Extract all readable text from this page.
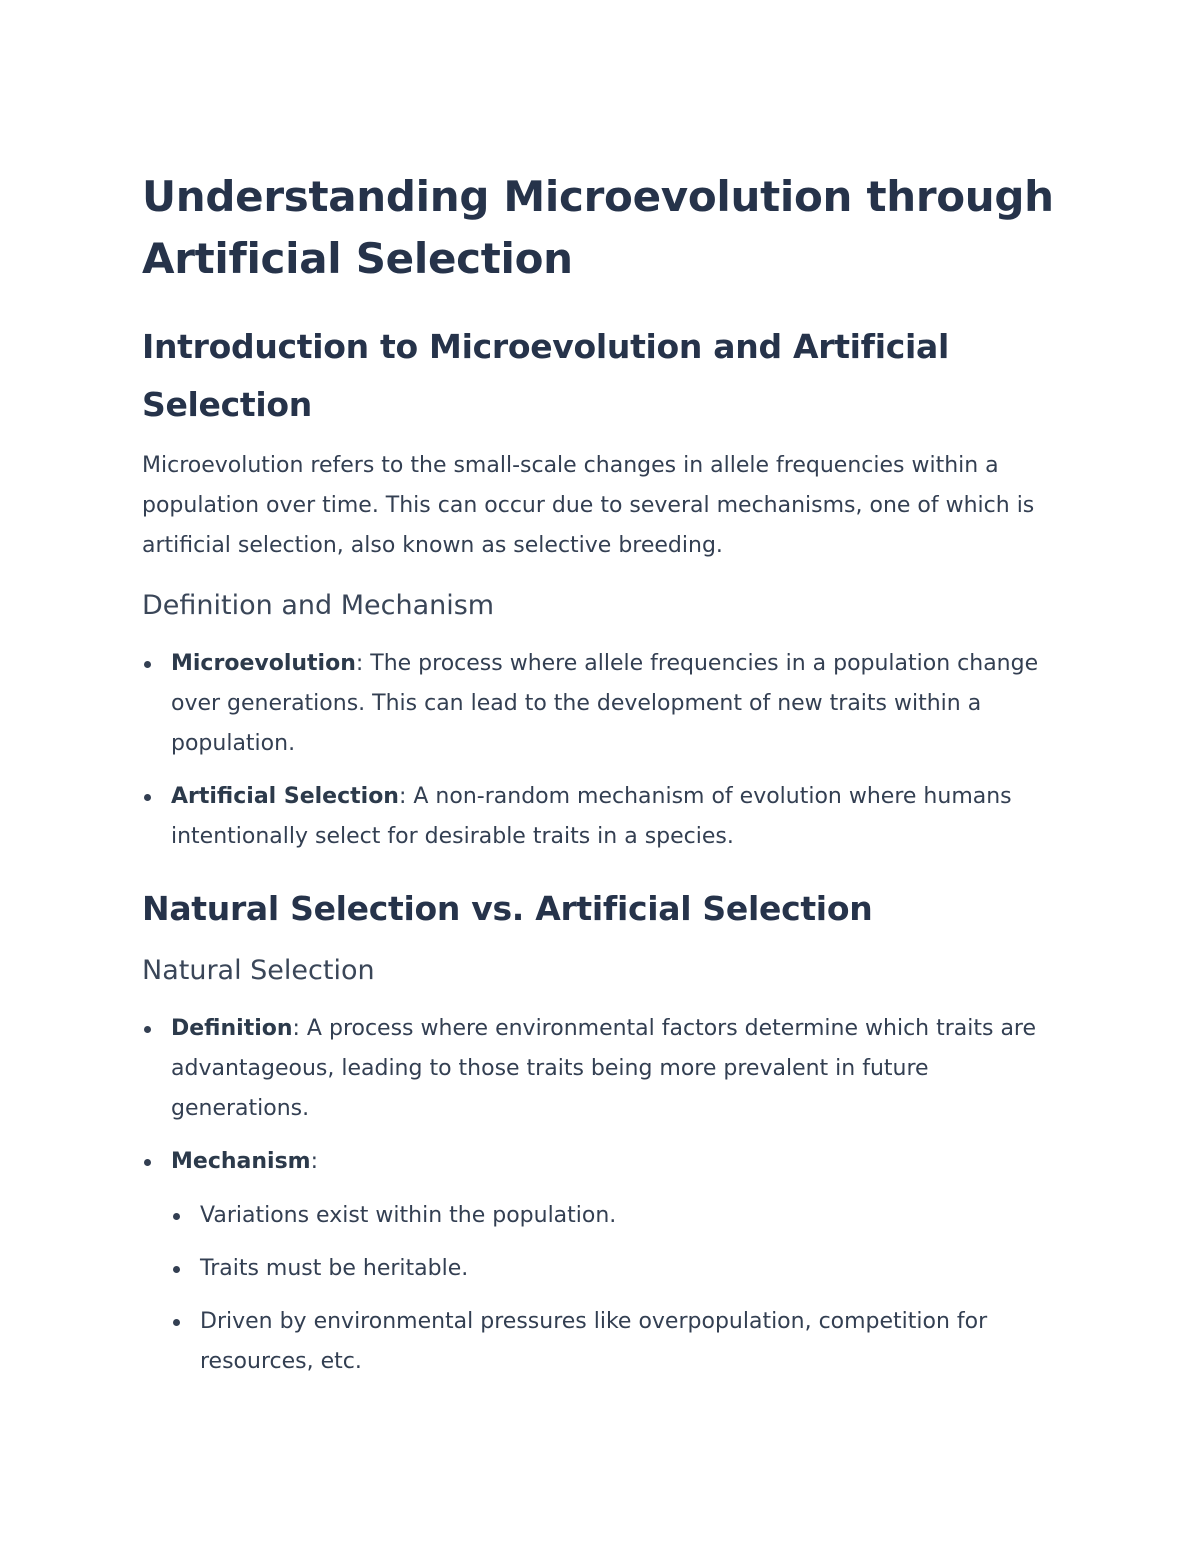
Understanding Microevolution through Artificial Selection
Introduction to Microevolution and Artificial Selection

Microevolution refers to the small-scale changes in allele frequencies within a population over time. This can occur due to several mechanisms, one of which is artificial selection, also known as selective breeding.

Definition and Mechanism
Microevolution: The process where allele frequencies in a population change over generations. This can lead to the development of new traits within a population.
Artificial Selection: A non-random mechanism of evolution where humans intentionally select for desirable traits in a species.
Natural Selection vs. Artificial Selection
Natural Selection
Definition: A process where environmental factors determine which traits are advantageous, leading to those traits being more prevalent in future generations.
Mechanism:
Variations exist within the population.
Traits must be heritable.
Driven by environmental pressures like overpopulation, competition for resources, etc.
